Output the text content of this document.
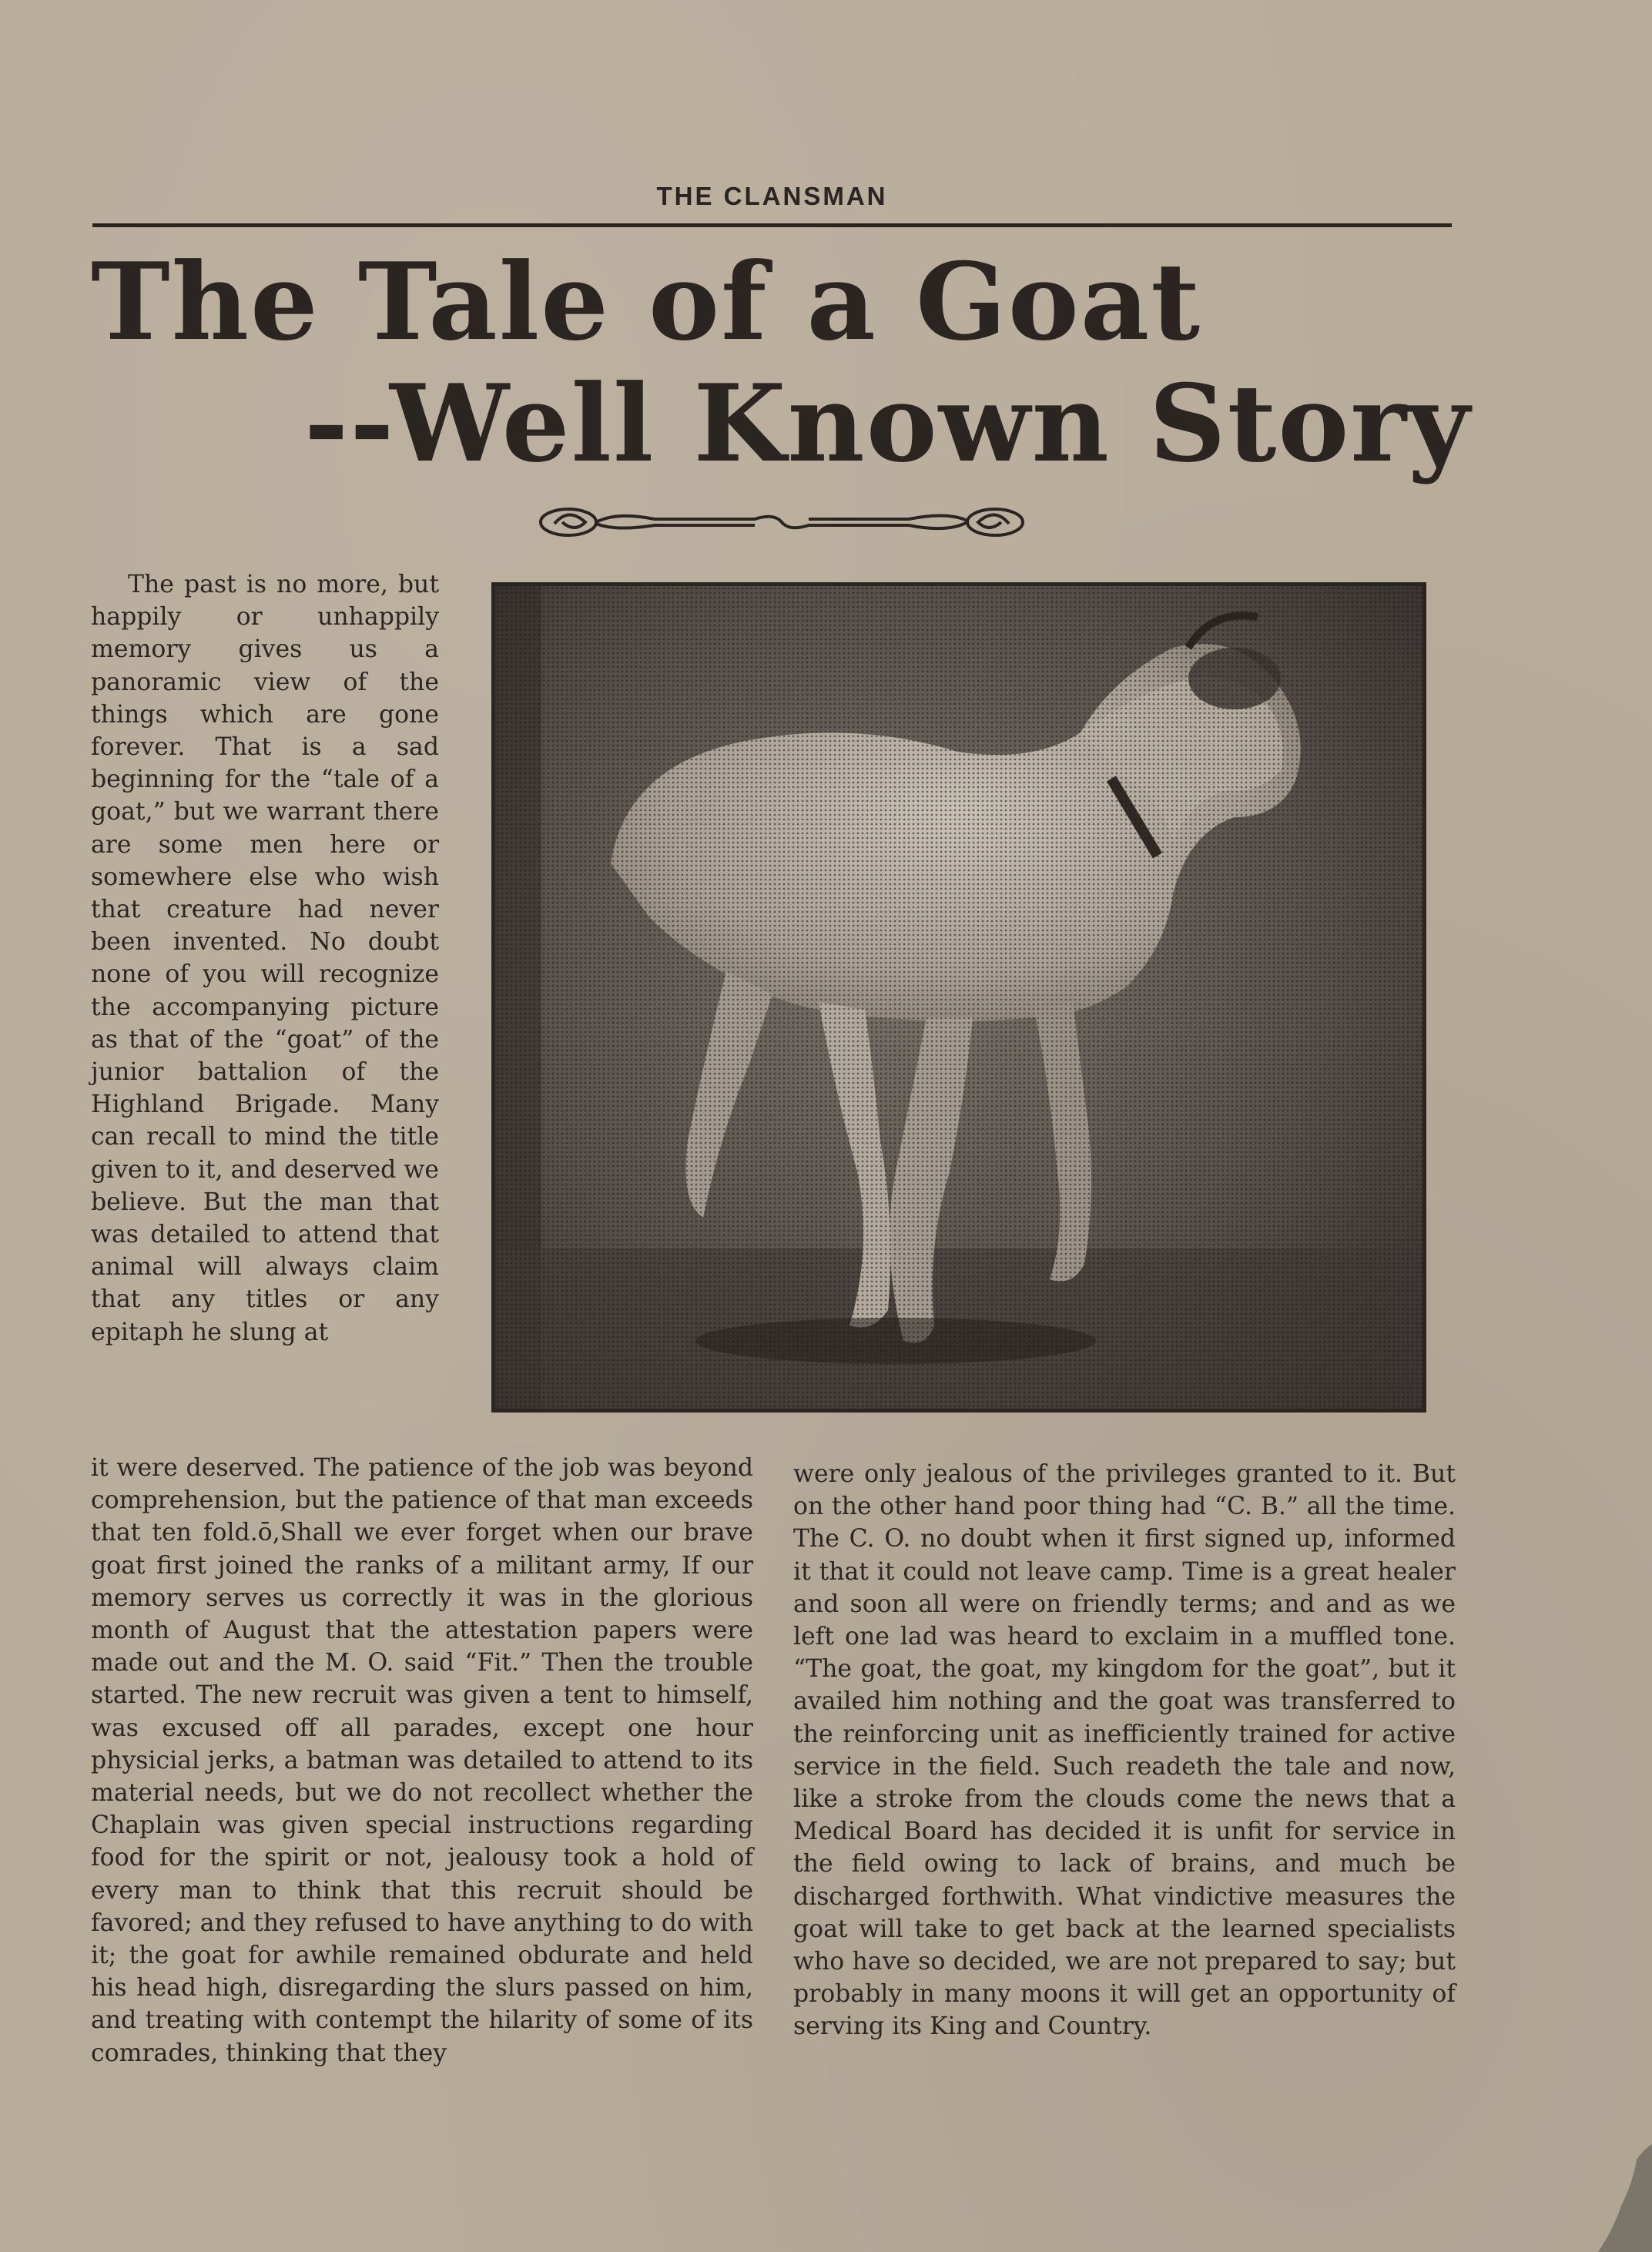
THE CLANSMAN
The Tale of a Goat
--Well Known Story
The past is no more, but happily or unhappily memory gives us a panoramic view of the things which are gone forever. That is a sad beginning for the “tale of a goat,” but we warrant there are some men here or somewhere else who wish that creature had never been invented. No doubt none of you will recognize the accompanying picture as that of the “goat” of the junior battalion of the Highland Brigade. Many can recall to mind the title given to it, and deserved we believe. But the man that was detailed to attend that animal will always claim that any titles or any epitaph he slung at
it were deserved. The patience of the job was beyond comprehension, but the patience of that man exceeds that ten fold.ō,Shall we ever forget when our brave goat first joined the ranks of a militant army, If our memory serves us correctly it was in the glorious month of August that the attestation papers were made out and the M. O. said “Fit.” Then the trouble started. The new recruit was given a tent to himself, was excused off all parades, except one hour physicial jerks, a batman was detailed to attend to its material needs, but we do not recollect whether the Chaplain was given special instructions regarding food for the spirit or not, jealousy took a hold of every man to think that this recruit should be favored; and they refused to have anything to do with it; the goat for awhile remained obdurate and held his head high, disregarding the slurs passed on him, and treating with contempt the hilarity of some of its comrades, thinking that they
were only jealous of the privileges granted to it. But on the other hand poor thing had “C. B.” all the time. The C. O. no doubt when it first signed up, informed it that it could not leave camp. Time is a great healer and soon all were on friendly terms; and and as we left one lad was heard to exclaim in a muffled tone. “The goat, the goat, my kingdom for the goat”, but it availed him nothing and the goat was transferred to the reinforcing unit as inefficiently trained for active service in the field. Such readeth the tale and now, like a stroke from the clouds come the news that a Medical Board has decided it is unfit for service in the field owing to lack of brains, and much be discharged forthwith. What vindictive measures the goat will take to get back at the learned specialists who have so decided, we are not prepared to say; but probably in many moons it will get an opportunity of serving its King and Country.
